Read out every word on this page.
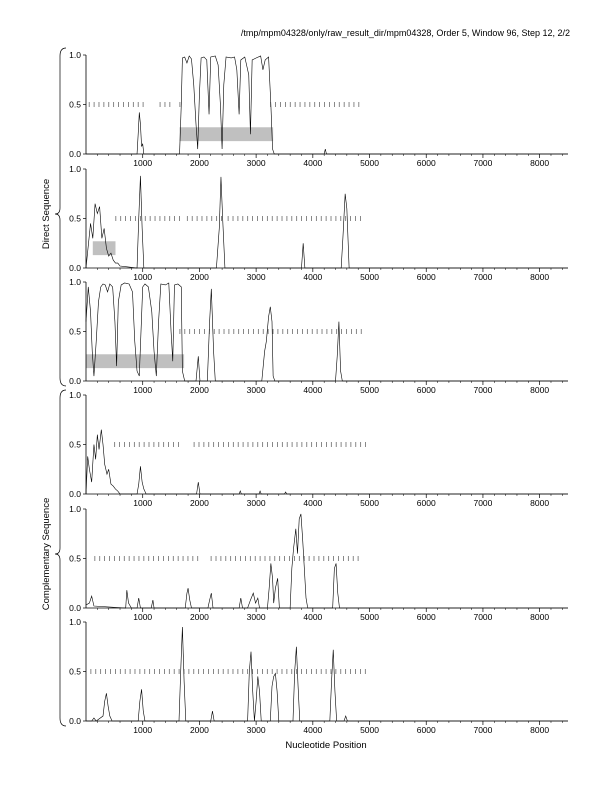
/tmp/mpm04328/only/raw_result_dir/mpm04328, Order 5, Window 96, Step 12, 2/2
1000	2000	3000	4000	5000	6000	7000	8000
0.0
0.5
1.0
1000	2000	3000	4000	5000	6000	7000	8000
0.0
0.5
1.0
1000	2000	3000	4000	5000	6000	7000	8000
0.0
0.5
1.0
1000	2000	3000	4000	5000	6000	7000	8000
0.0
0.5
1.0
1000	2000	3000	4000	5000	6000	7000	8000
0.0
0.5
1.0
1000	2000	3000	4000	5000	6000	7000	8000
0.0
0.5
1.0
Direct Sequence
Complementary Sequence
Nucleotide Position
